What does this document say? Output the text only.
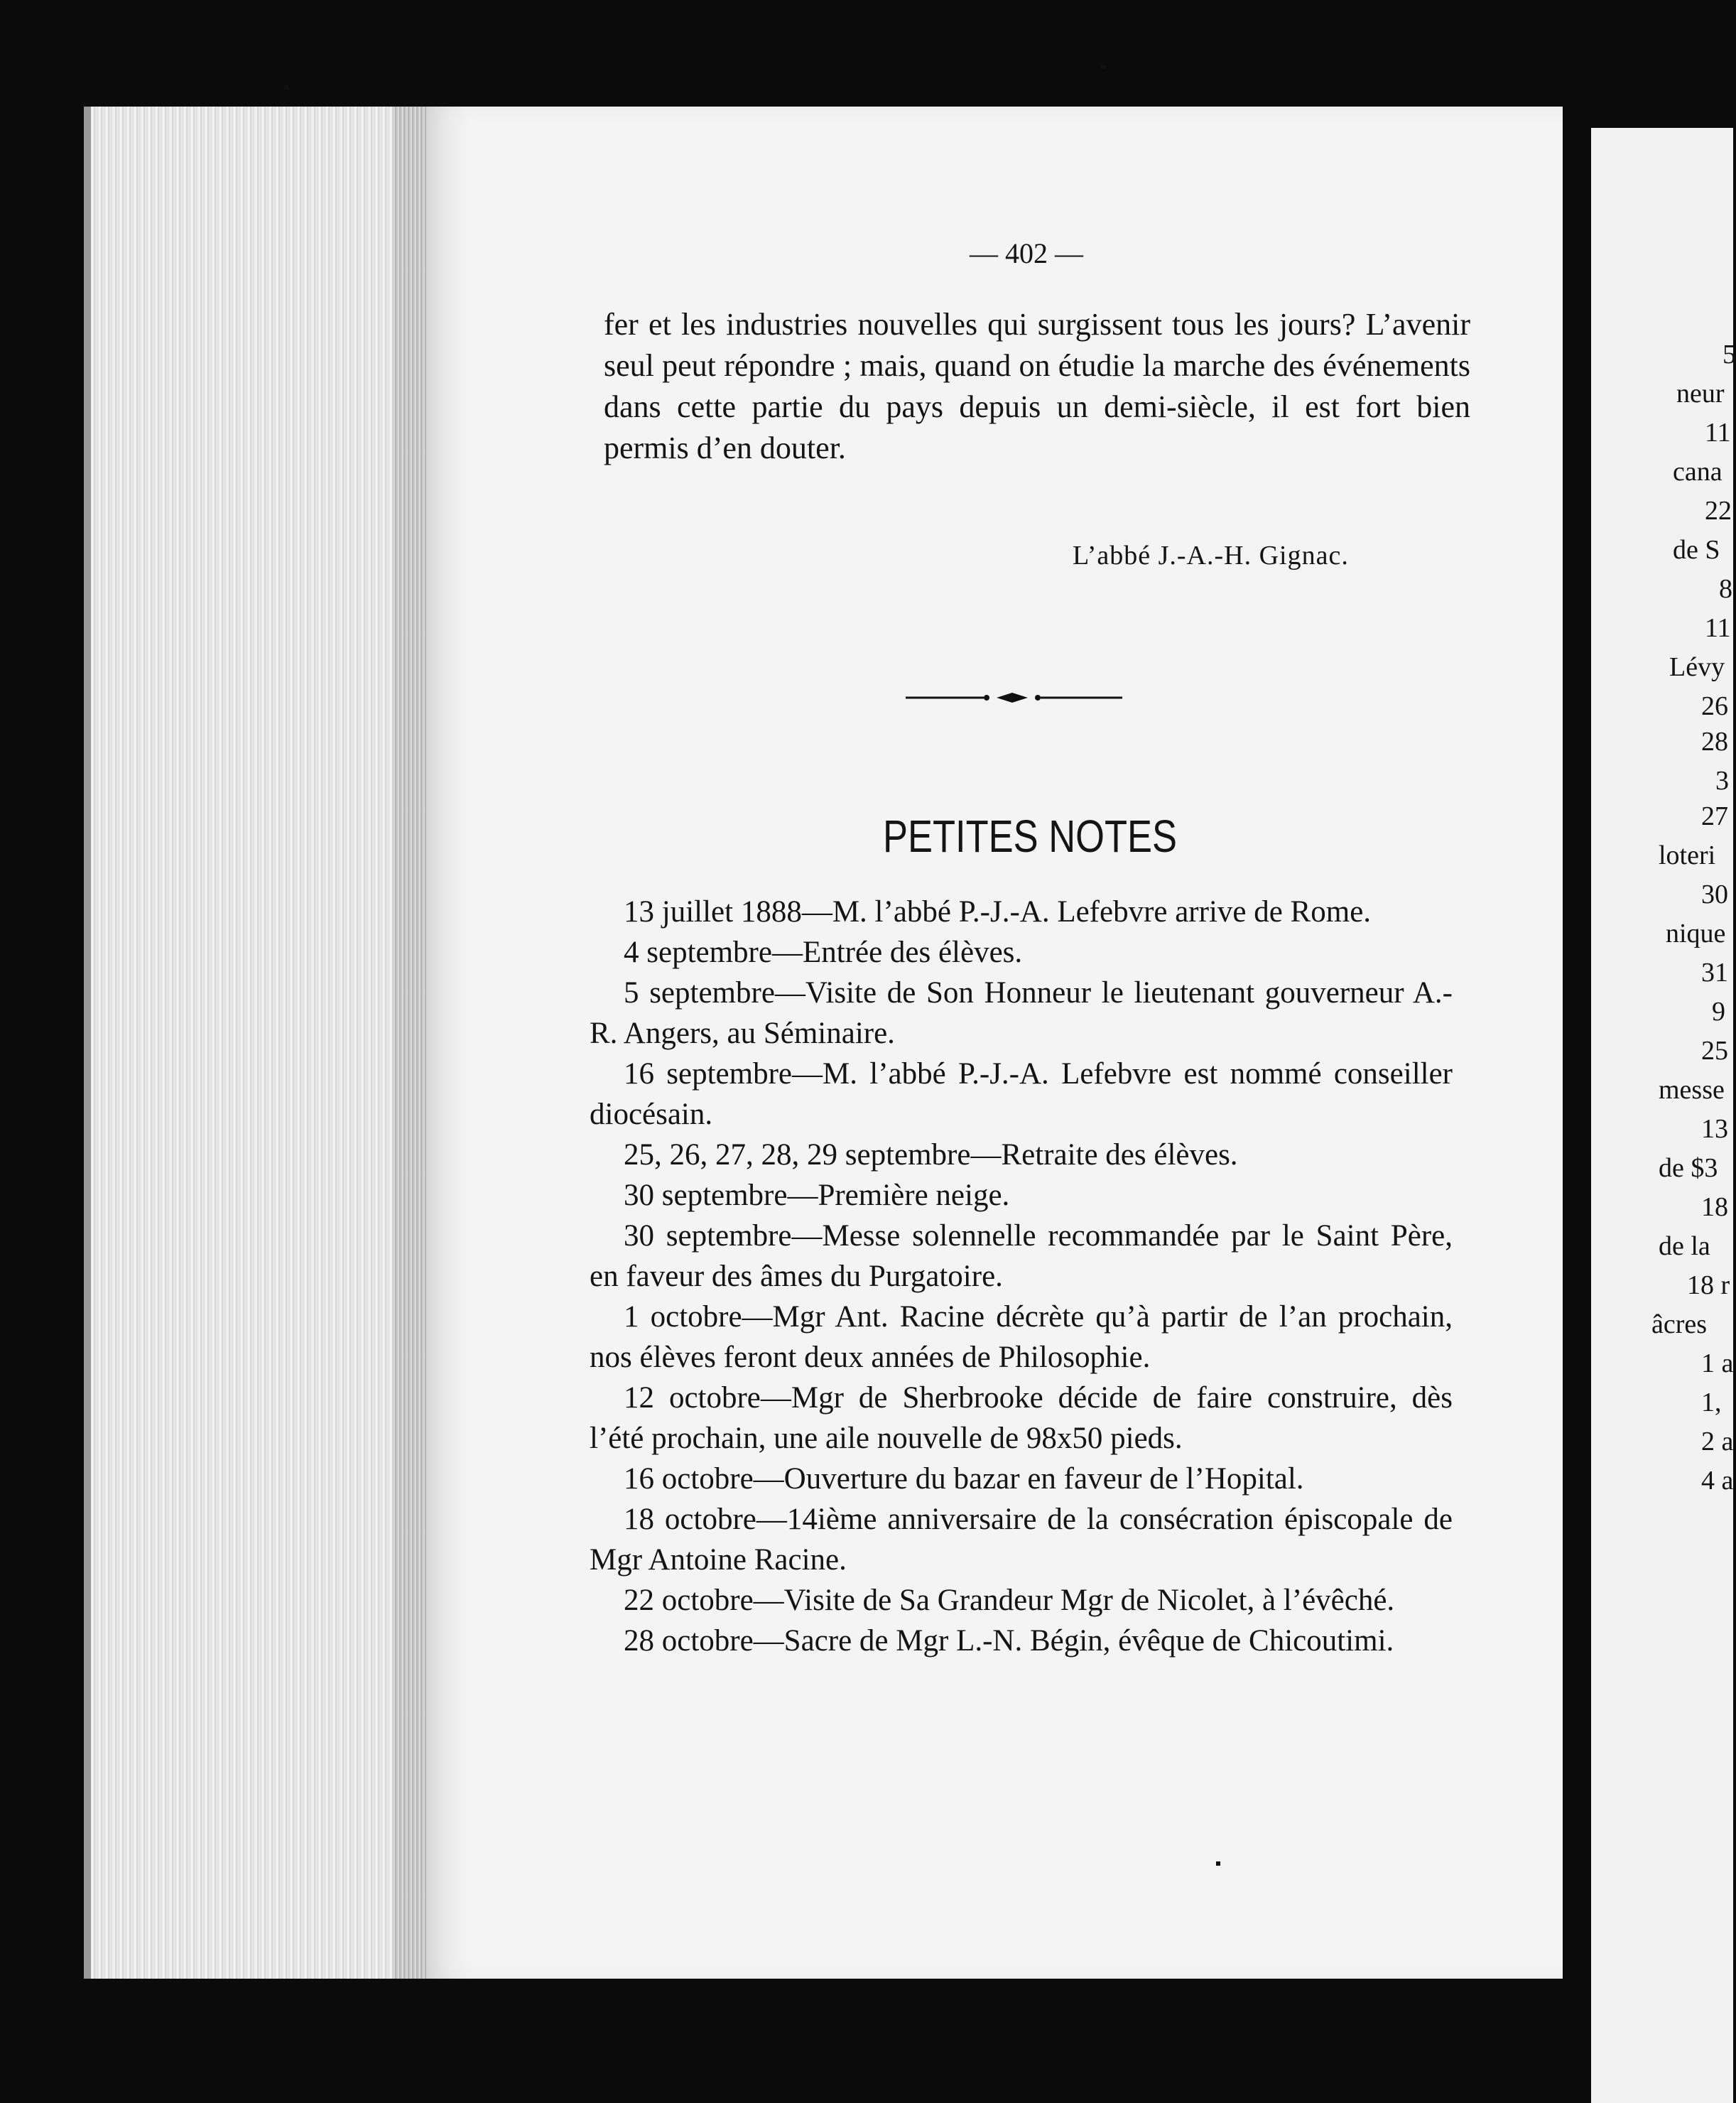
— 402 —
fer et les industries nouvelles qui surgissent tous les jours? L’avenir seul peut répondre ; mais, quand on étudie la marche des événements dans cette partie du pays depuis un demi-siècle, il est fort bien permis d’en douter.
L’abbé J.-A.-H. Gignac.
PETITES NOTES

13 juillet 1888—M. l’abbé P.-J.-A. Lefebvre arrive de Rome.

4 septembre—Entrée des élèves.

5 septembre—Visite de Son Honneur le lieutenant gouverneur A.-R. Angers, au Séminaire.

16 septembre—M. l’abbé P.-J.-A. Lefebvre est nommé conseiller diocésain.

25, 26, 27, 28, 29 septembre—Retraite des élèves.

30 septembre—Première neige.

30 septembre—Messe solennelle recommandée par le Saint Père, en faveur des âmes du Purgatoire.

1 octobre—Mgr Ant. Racine décrète qu’à partir de l’an prochain, nos élèves feront deux années de Philosophie.

12 octobre—Mgr de Sherbrooke décide de faire construire, dès l’été prochain, une aile nouvelle de 98x50 pieds.

16 octobre—Ouverture du bazar en faveur de l’Hopital.

18 octobre—14ième anniversaire de la consécration épiscopale de Mgr Antoine Racine.

22 octobre—Visite de Sa Grandeur Mgr de Nicolet, à l’évêché.

28 octobre—Sacre de Mgr L.-N. Bégin, évêque de Chicoutimi.

5
neur
11
cana
22
de S
8
11
Lévy
26
28
3
27
loteri
30
nique
31
9
25
messe
13
de $3
18
de la
18 r
âcres
1 a
1,
2 a
4 a
